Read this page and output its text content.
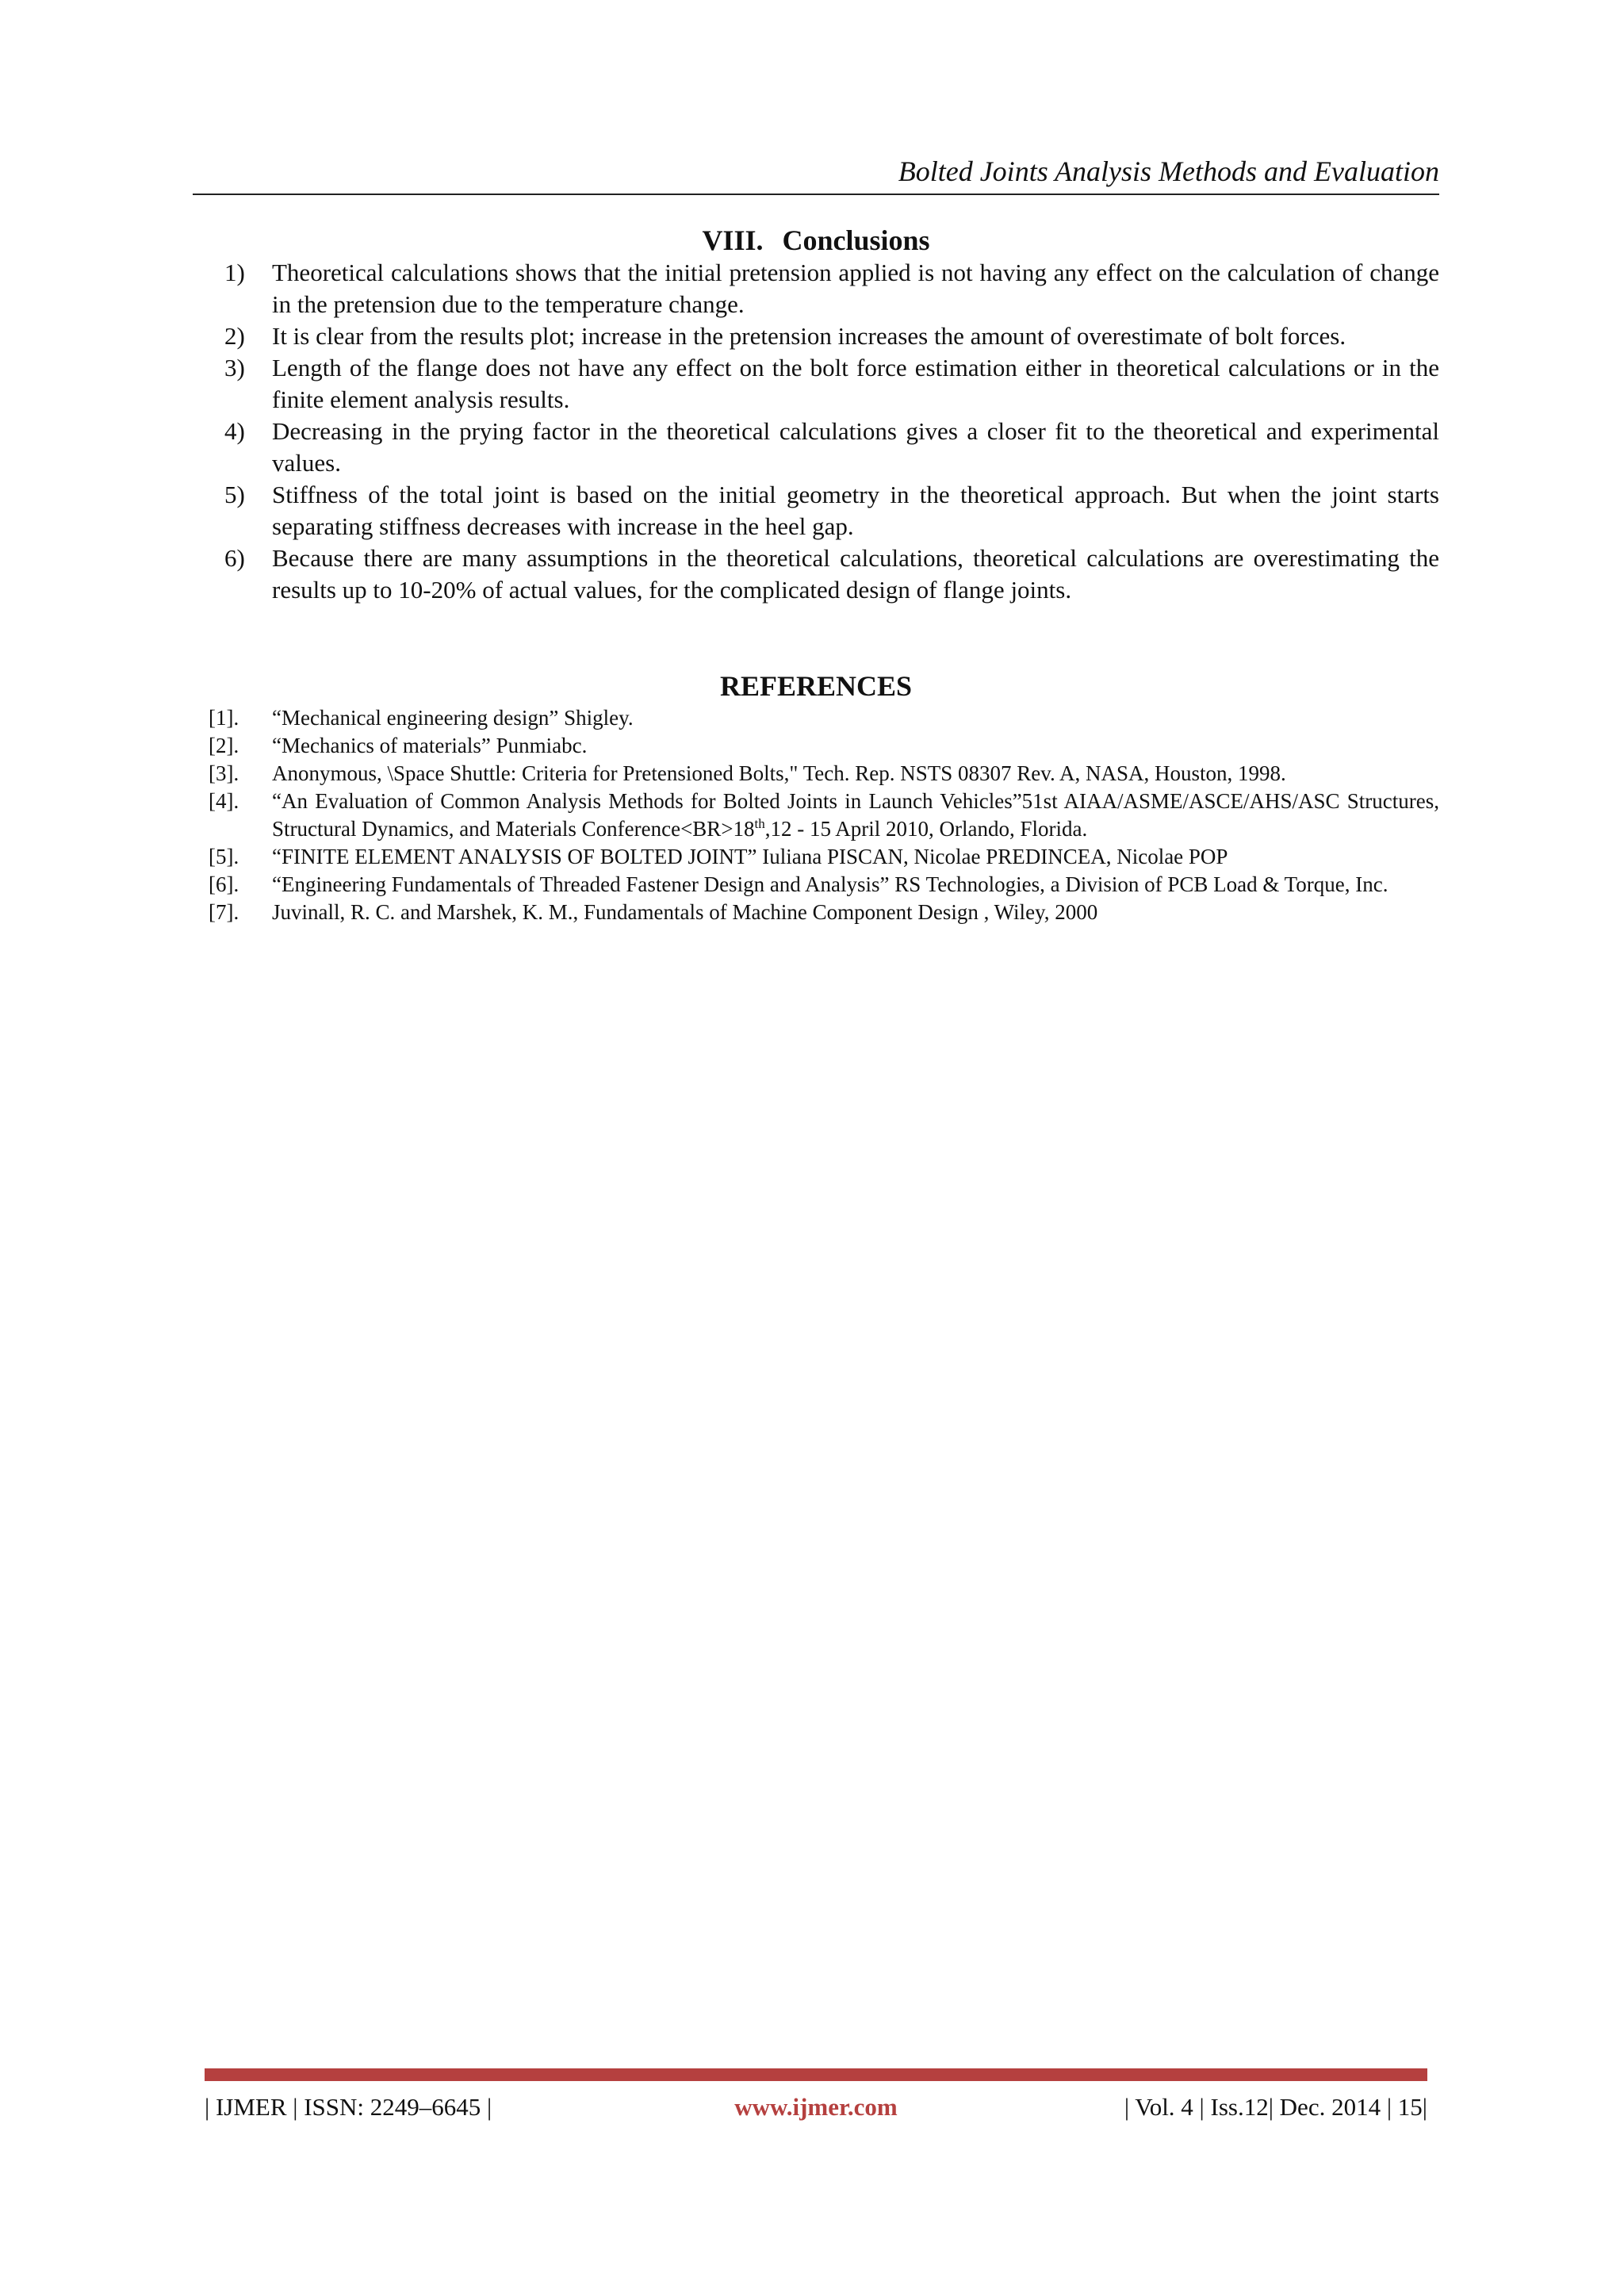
Bolted Joints Analysis Methods and Evaluation
VIII. Conclusions
1)	Theoretical calculations shows that the initial pretension applied is not having any effect on the calculation of change in the pretension due to the temperature change.
2)	It is clear from the results plot; increase in the pretension increases the amount of overestimate of bolt forces.
3)	Length of the flange does not have any effect on the bolt force estimation either in theoretical calculations or in the finite element analysis results.
4)	Decreasing in the prying factor in the theoretical calculations gives a closer fit to the theoretical and experimental values.
5)	Stiffness of the total joint is based on the initial geometry in the theoretical approach. But when the joint starts separating stiffness decreases with increase in the heel gap.
6)	Because there are many assumptions in the theoretical calculations, theoretical calculations are overestimating the results up to 10-20% of actual values, for the complicated design of flange joints.
REFERENCES
[1].	“Mechanical engineering design” Shigley.
[2].	“Mechanics of materials” Punmiabc.
[3].	Anonymous, \Space Shuttle: Criteria for Pretensioned Bolts," Tech. Rep. NSTS 08307 Rev. A, NASA, Houston, 1998.
[4].	“An Evaluation of Common Analysis Methods for Bolted Joints in Launch Vehicles”51st AIAA/ASME/ASCE/AHS/ASC Structures, Structural Dynamics, and Materials Conference<BR>18th,12 - 15 April 2010, Orlando, Florida.
[5].	“FINITE ELEMENT ANALYSIS OF BOLTED JOINT” Iuliana PISCAN, Nicolae PREDINCEA, Nicolae POP
[6].	“Engineering Fundamentals of Threaded Fastener Design and Analysis” RS Technologies, a Division of PCB Load & Torque, Inc.
[7].	Juvinall, R. C. and Marshek, K. M., Fundamentals of Machine Component Design , Wiley, 2000
| IJMER | ISSN: 2249–6645 |	www.ijmer.com	| Vol. 4 | Iss.12| Dec. 2014 | 15|
